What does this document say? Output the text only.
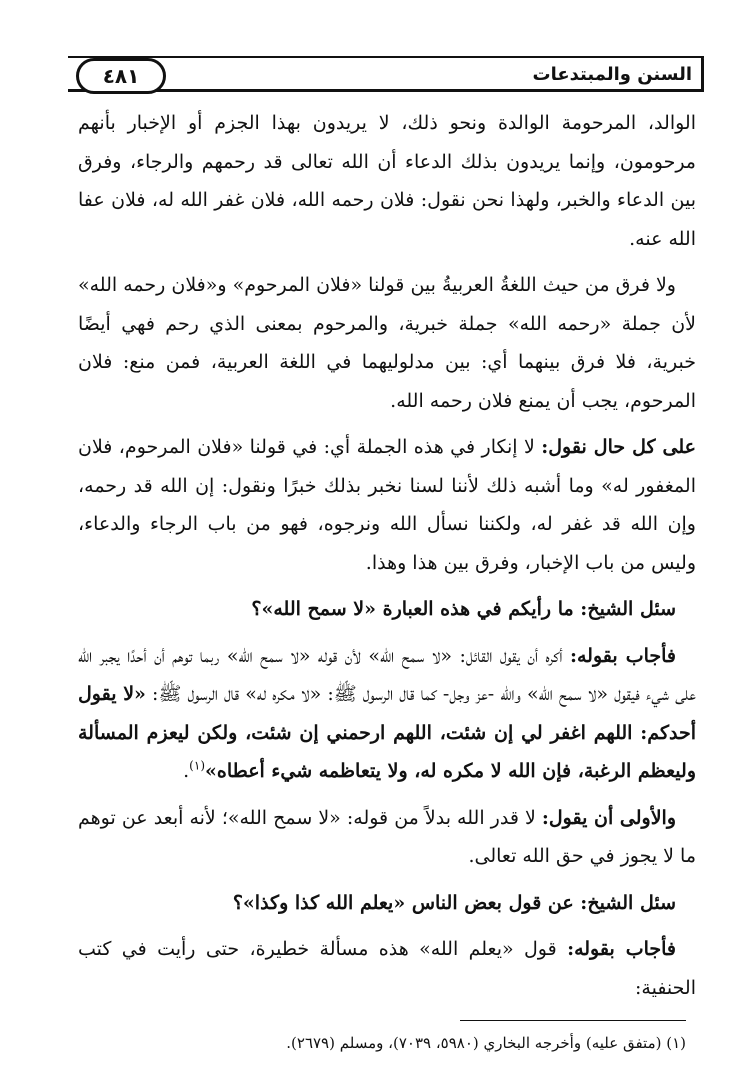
٤٨١	السنن والمبتدعات

الوالد، المرحومة الوالدة ونحو ذلك، لا يريدون بهذا الجزم أو الإخبار بأنهم مرحومون، وإنما يريدون بذلك الدعاء أن الله تعالى قد رحمهم والرجاء، وفرق بين الدعاء والخبر، ولهذا نحن نقول: فلان رحمه الله، فلان غفر الله له، فلان عفا الله عنه.

ولا فرق من حيث اللغةُ العربيةُ بين قولنا «فلان المرحوم» و«فلان رحمه الله» لأن جملة «رحمه الله» جملة خبرية، والمرحوم بمعنى الذي رحم فهي أيضًا خبرية، فلا فرق بينهما أي: بين مدلوليهما في اللغة العربية، فمن منع: فلان المرحوم، يجب أن يمنع فلان رحمه الله.

على كل حال نقول: لا إنكار في هذه الجملة أي: في قولنا «فلان المرحوم، فلان المغفور له» وما أشبه ذلك لأننا لسنا نخبر بذلك خبرًا ونقول: إن الله قد رحمه، وإن الله قد غفر له، ولكننا نسأل الله ونرجوه، فهو من باب الرجاء والدعاء، وليس من باب الإخبار، وفرق بين هذا وهذا.

سئل الشيخ: ما رأيكم في هذه العبارة «لا سمح الله»؟

فأجاب بقوله: أكره أن يقول القائل: «لا سمح الله» لأن قوله «لا سمح الله» ربما توهم أن أحدًا يجبر الله على شيء فيقول «لا سمح الله» والله -عز وجل- كما قال الرسول ﷺ: «لا مكره له» قال الرسول ﷺ: «لا يقول أحدكم: اللهم اغفر لي إن شئت، اللهم ارحمني إن شئت، ولكن ليعزم المسألة وليعظم الرغبة، فإن الله لا مكره له، ولا يتعاظمه شيء أعطاه»$^{(١)}$.

والأولى أن يقول: لا قدر الله بدلاً من قوله: «لا سمح الله»؛ لأنه أبعد عن توهم ما لا يجوز في حق الله تعالى.

سئل الشيخ: عن قول بعض الناس «يعلم الله كذا وكذا»؟

فأجاب بقوله: قول «يعلم الله» هذه مسألة خطيرة، حتى رأيت في كتب الحنفية:

(١) (متفق عليه) وأخرجه البخاري (٥٩٨٠، ٧٠٣٩)، ومسلم (٢٦٧٩).
